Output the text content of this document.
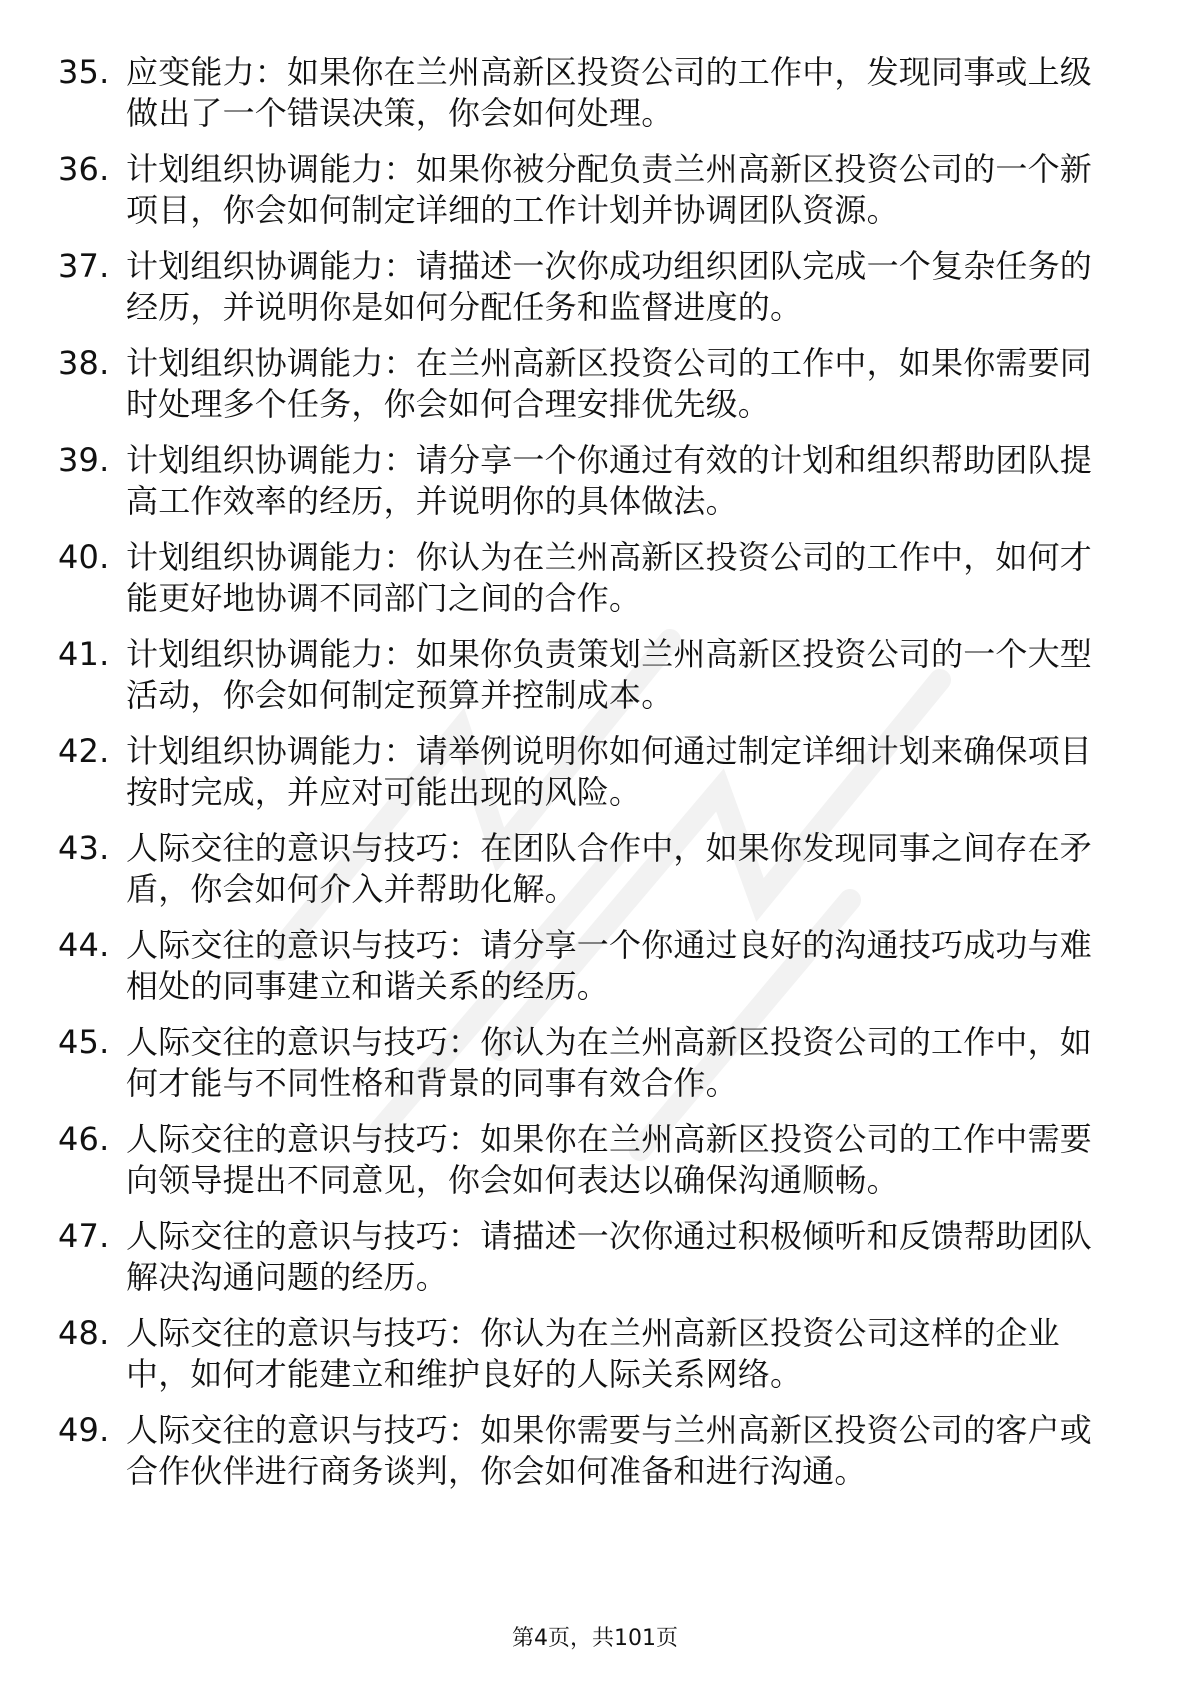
35. 应变能力：如果你在兰州高新区投资公司的工作中，发现同事或上级做出了一个错误决策，你会如何处理。
36. 计划组织协调能力：如果你被分配负责兰州高新区投资公司的一个新项目，你会如何制定详细的工作计划并协调团队资源。
37. 计划组织协调能力：请描述一次你成功组织团队完成一个复杂任务的经历，并说明你是如何分配任务和监督进度的。
38. 计划组织协调能力：在兰州高新区投资公司的工作中，如果你需要同时处理多个任务，你会如何合理安排优先级。
39. 计划组织协调能力：请分享一个你通过有效的计划和组织帮助团队提高工作效率的经历，并说明你的具体做法。
40. 计划组织协调能力：你认为在兰州高新区投资公司的工作中，如何才能更好地协调不同部门之间的合作。
41. 计划组织协调能力：如果你负责策划兰州高新区投资公司的一个大型活动，你会如何制定预算并控制成本。
42. 计划组织协调能力：请举例说明你如何通过制定详细计划来确保项目按时完成，并应对可能出现的风险。
43. 人际交往的意识与技巧：在团队合作中，如果你发现同事之间存在矛盾，你会如何介入并帮助化解。
44. 人际交往的意识与技巧：请分享一个你通过良好的沟通技巧成功与难相处的同事建立和谐关系的经历。
45. 人际交往的意识与技巧：你认为在兰州高新区投资公司的工作中，如何才能与不同性格和背景的同事有效合作。
46. 人际交往的意识与技巧：如果你在兰州高新区投资公司的工作中需要向领导提出不同意见，你会如何表达以确保沟通顺畅。
47. 人际交往的意识与技巧：请描述一次你通过积极倾听和反馈帮助团队解决沟通问题的经历。
48. 人际交往的意识与技巧：你认为在兰州高新区投资公司这样的企业中，如何才能建立和维护良好的人际关系网络。
49. 人际交往的意识与技巧：如果你需要与兰州高新区投资公司的客户或合作伙伴进行商务谈判，你会如何准备和进行沟通。
第4页，共101页
